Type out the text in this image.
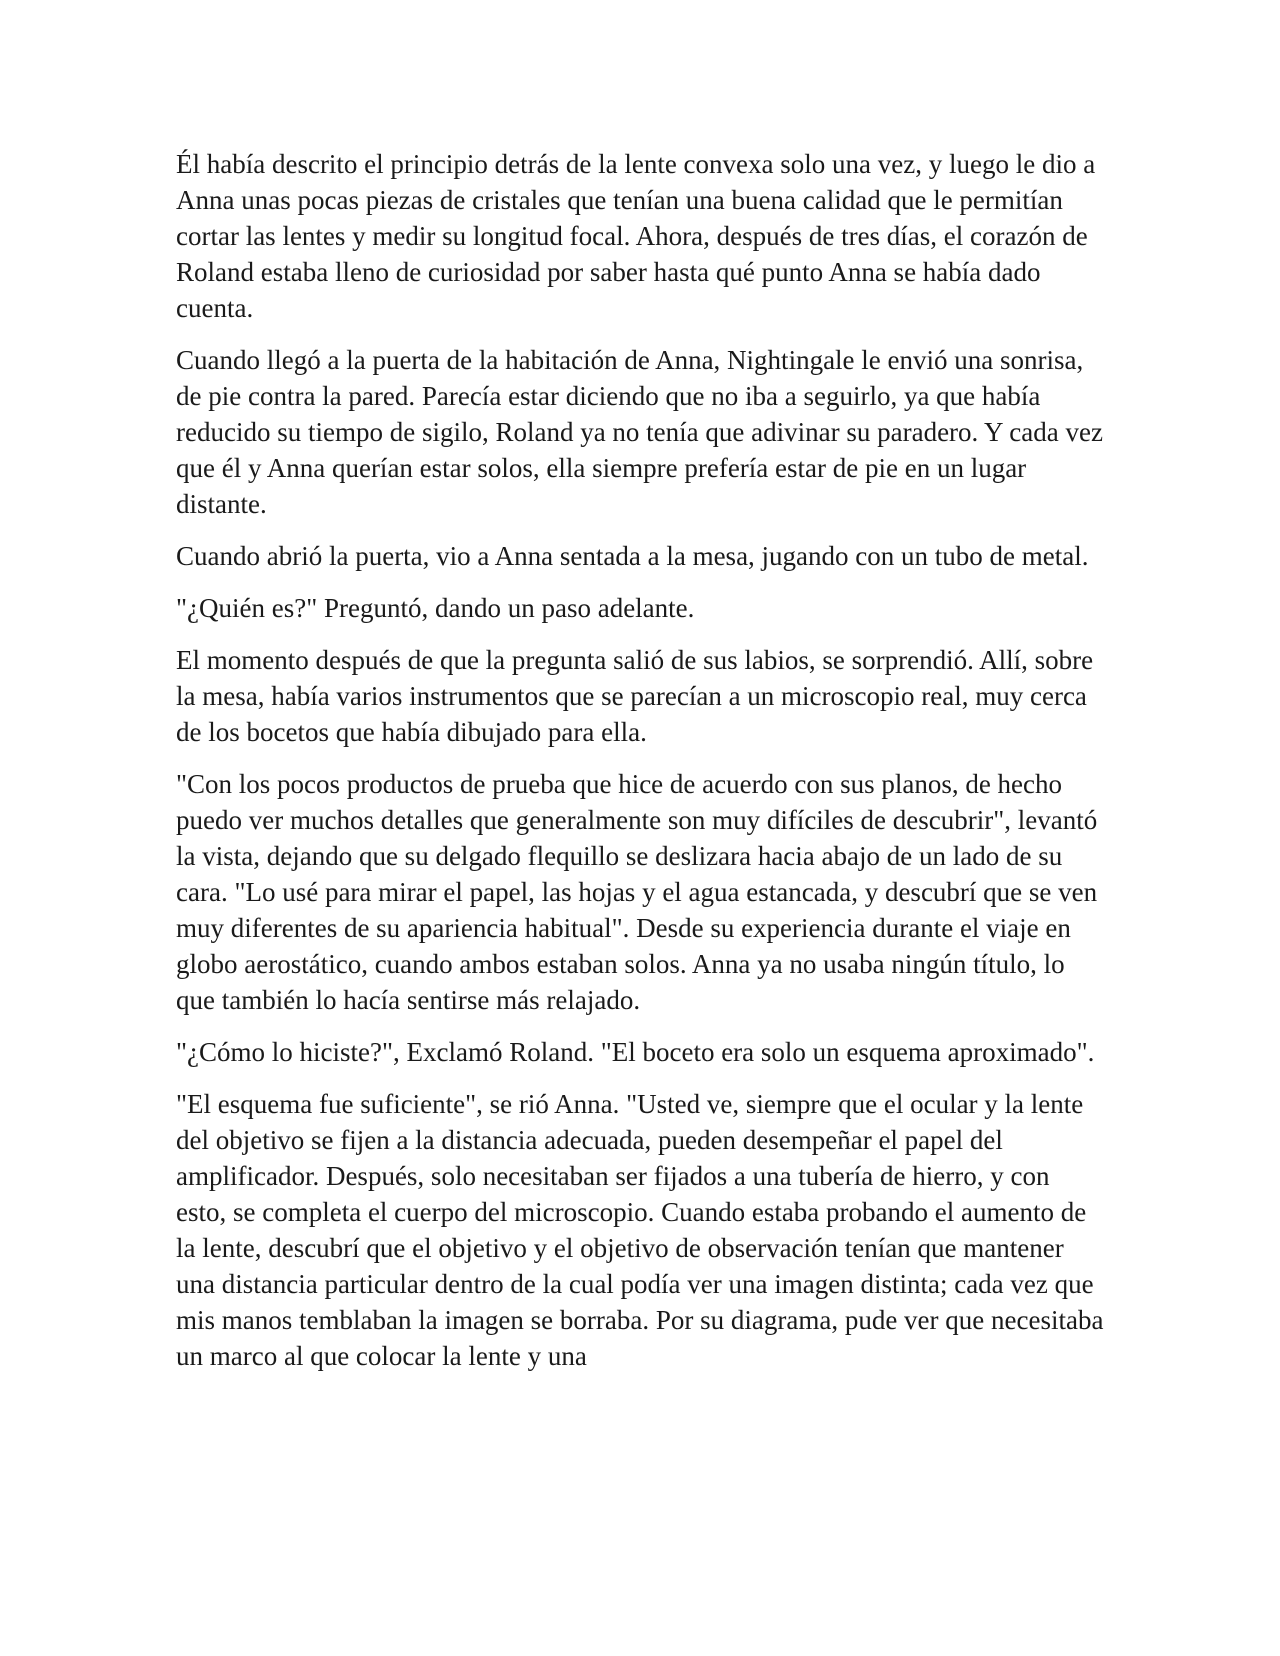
Él había descrito el principio detrás de la lente convexa solo una vez, y luego le dio a Anna unas pocas piezas de cristales que tenían una buena calidad que le permitían cortar las lentes y medir su longitud focal. Ahora, después de tres días, el corazón de Roland estaba lleno de curiosidad por saber hasta qué punto Anna se había dado cuenta.

Cuando llegó a la puerta de la habitación de Anna, Nightingale le envió una sonrisa, de pie contra la pared. Parecía estar diciendo que no iba a seguirlo, ya que había reducido su tiempo de sigilo, Roland ya no tenía que adivinar su paradero. Y cada vez que él y Anna querían estar solos, ella siempre prefería estar de pie en un lugar distante.

Cuando abrió la puerta, vio a Anna sentada a la mesa, jugando con un tubo de metal.

"¿Quién es?" Preguntó, dando un paso adelante.

El momento después de que la pregunta salió de sus labios, se sorprendió. Allí, sobre la mesa, había varios instrumentos que se parecían a un microscopio real, muy cerca de los bocetos que había dibujado para ella.

"Con los pocos productos de prueba que hice de acuerdo con sus planos, de hecho puedo ver muchos detalles que generalmente son muy difíciles de descubrir", levantó la vista, dejando que su delgado flequillo se deslizara hacia abajo de un lado de su cara. "Lo usé para mirar el papel, las hojas y el agua estancada, y descubrí que se ven muy diferentes de su apariencia habitual". Desde su experiencia durante el viaje en globo aerostático, cuando ambos estaban solos. Anna ya no usaba ningún título, lo que también lo hacía sentirse más relajado.

"¿Cómo lo hiciste?", Exclamó Roland. "El boceto era solo un esquema aproximado".

"El esquema fue suficiente", se rió Anna. "Usted ve, siempre que el ocular y la lente del objetivo se fijen a la distancia adecuada, pueden desempeñar el papel del amplificador. Después, solo necesitaban ser fijados a una tubería de hierro, y con esto, se completa el cuerpo del microscopio. Cuando estaba probando el aumento de la lente, descubrí que el objetivo y el objetivo de observación tenían que mantener una distancia particular dentro de la cual podía ver una imagen distinta; cada vez que mis manos temblaban la imagen se borraba. Por su diagrama, pude ver que necesitaba un marco al que colocar la lente y una
